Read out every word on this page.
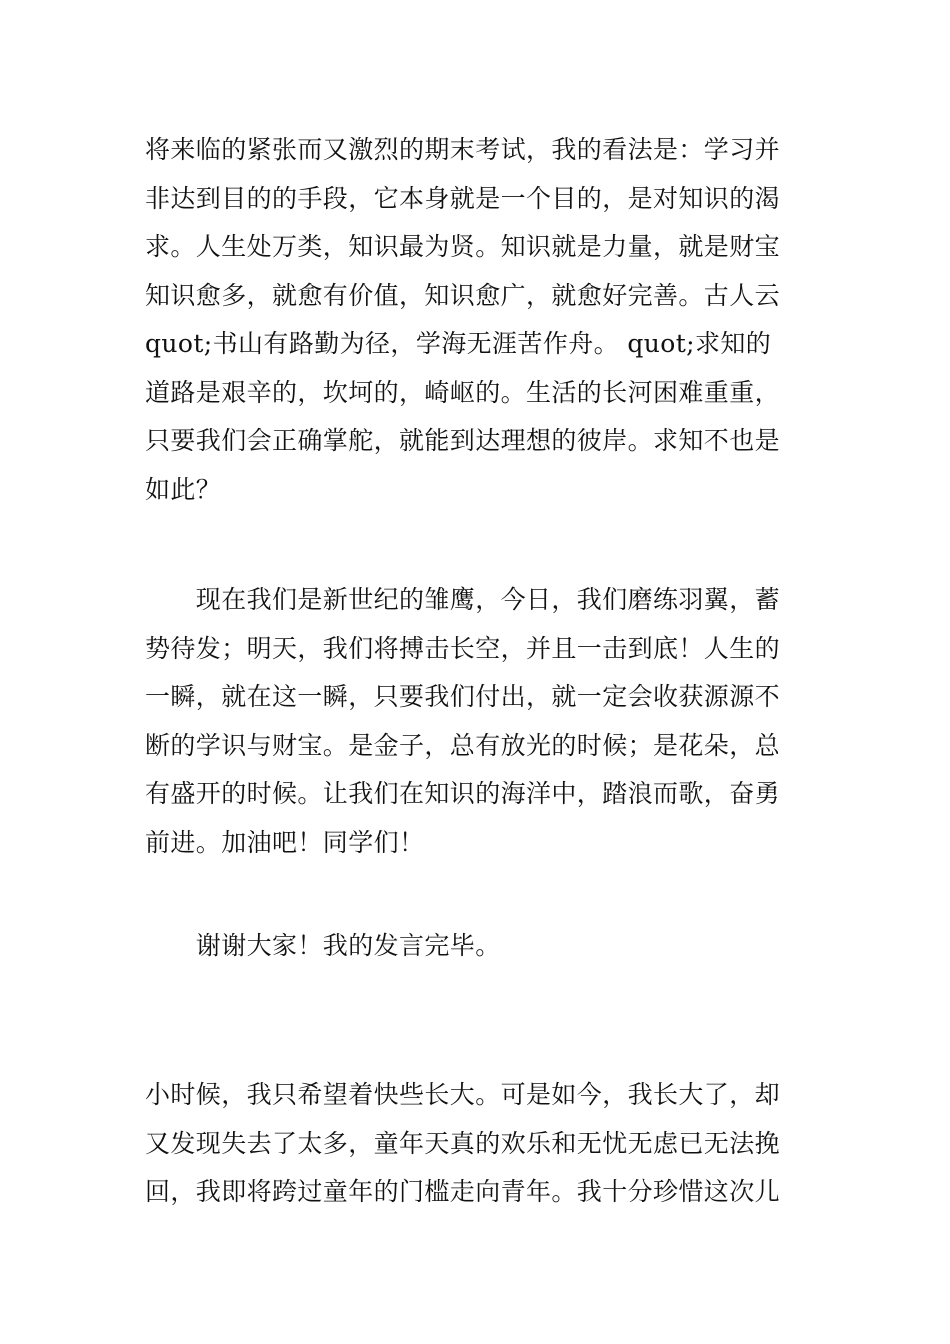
将来临的紧张而又激烈的期末考试，我的看法是：学习并
非达到目的的手段，它本身就是一个目的，是对知识的渴
求。人生处万类，知识最为贤。知识就是力量，就是财宝
知识愈多，就愈有价值，知识愈广，就愈好完善。古人云
quot;书山有路勤为径，学海无涯苦作舟。 quot;求知的
道路是艰辛的，坎坷的，崎岖的。生活的长河困难重重，
只要我们会正确掌舵，就能到达理想的彼岸。求知不也是
如此？

　　现在我们是新世纪的雏鹰，今日，我们磨练羽翼，蓄
势待发；明天，我们将搏击长空，并且一击到底！人生的
一瞬，就在这一瞬，只要我们付出，就一定会收获源源不
断的学识与财宝。是金子，总有放光的时候；是花朵，总
有盛开的时候。让我们在知识的海洋中，踏浪而歌，奋勇
前进。加油吧！同学们！

　　谢谢大家！我的发言完毕。

小时候，我只希望着快些长大。可是如今，我长大了，却
又发现失去了太多，童年天真的欢乐和无忧无虑已无法挽
回，我即将跨过童年的门槛走向青年。我十分珍惜这次儿
